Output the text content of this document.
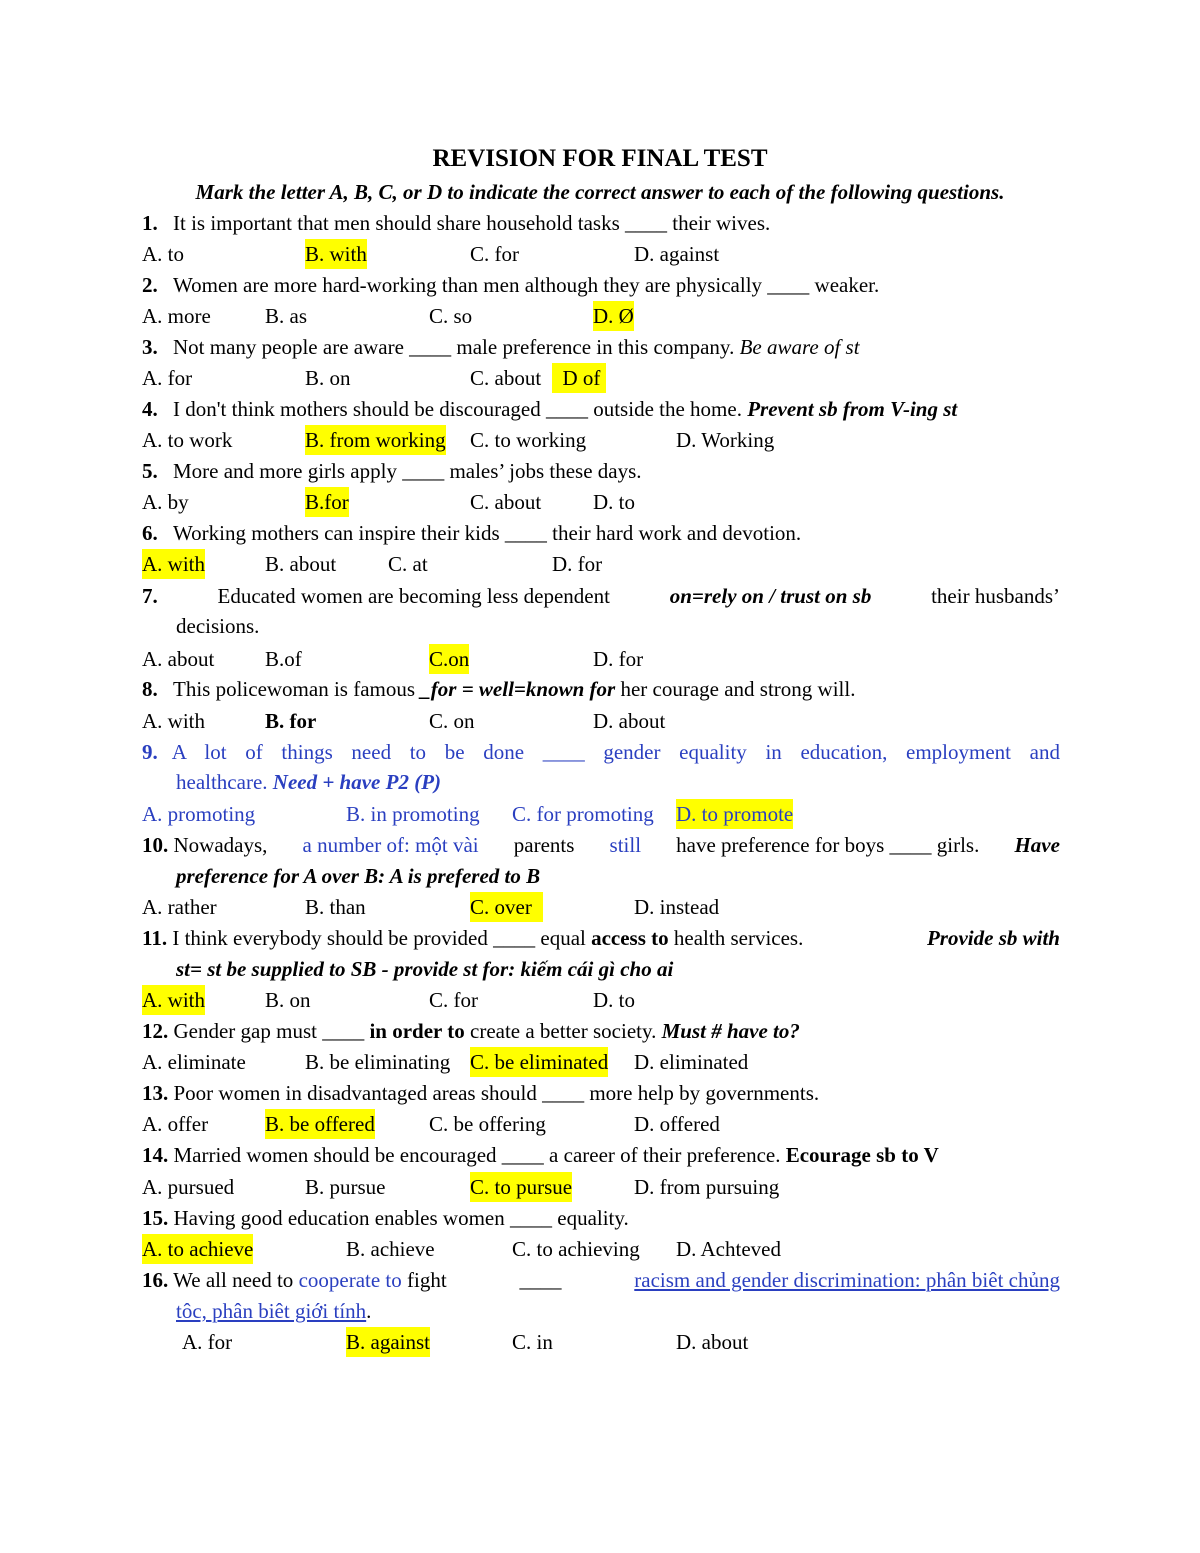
REVISION FOR FINAL TEST
Mark the letter A, B, C, or D to indicate the correct answer to each of the following questions.
1. It is important that men should share household tasks ____ their wives.
A. to	B. with	C. for	D. against
2. Women are more hard-working than men although they are physically ____ weaker.
A. more	B. as	C. so	D. Ø
3. Not many people are aware ____ male preference in this company. Be aware of st
A. for	B. on	C. about D of
4. I don't think mothers should be discouraged ____ outside the home. Prevent sb from V-ing st
A. to work	B. from working C. to working	D. Working
5. More and more girls apply ____ males’ jobs these days.
A. by	B.for	C. about D. to
6. Working mothers can inspire their kids ____ their hard work and devotion.
A. with	B. about C. at	D. for
7.	Educated women are becoming less dependent	on=rely on / trust on sb	their husbands’
decisions.
A. about B.of	C.on	D. for
8. This policewoman is famous _for = well=known for her courage and strong will.
A. with	B. for	C. on	D. about
9. A lot of things need to be done ____ gender equality in education, employment and
healthcare. Need + have P2 (P)
A. promoting	B. in promoting C. for promoting D. to promote
10. Nowadays, a number of: một vài parents still have preference for boys ____ girls. Have
preference for A over B: A is prefered to B
A. rather	B. than	C. over	D. instead
11. I think everybody should be provided ____ equal access to health services.	Provide sb with
st= st be supplied to SB - provide st for: kiếm cái gì cho ai
A. with	B. on	C. for	D. to
12. Gender gap must ____ in order to create a better society. Must # have to?
A. eliminate	B. be eliminating C. be eliminated D. eliminated
13. Poor women in disadvantaged areas should ____ more help by governments.
A. offer	B. be offered	C. be offering	D. offered
14. Married women should be encouraged ____ a career of their preference. Ecourage sb to V
A. pursued	B. pursue	C. to pursue	D. from pursuing
15. Having good education enables women ____ equality.
A. to achieve	B. achieve	C. to achieving D. Achteved
16. We all need to cooperate to fight	____	racism and gender discrimination: phân biêt chủng
tôc, phân biêt giới tính.
A. for	B. against	C. in	D. about
